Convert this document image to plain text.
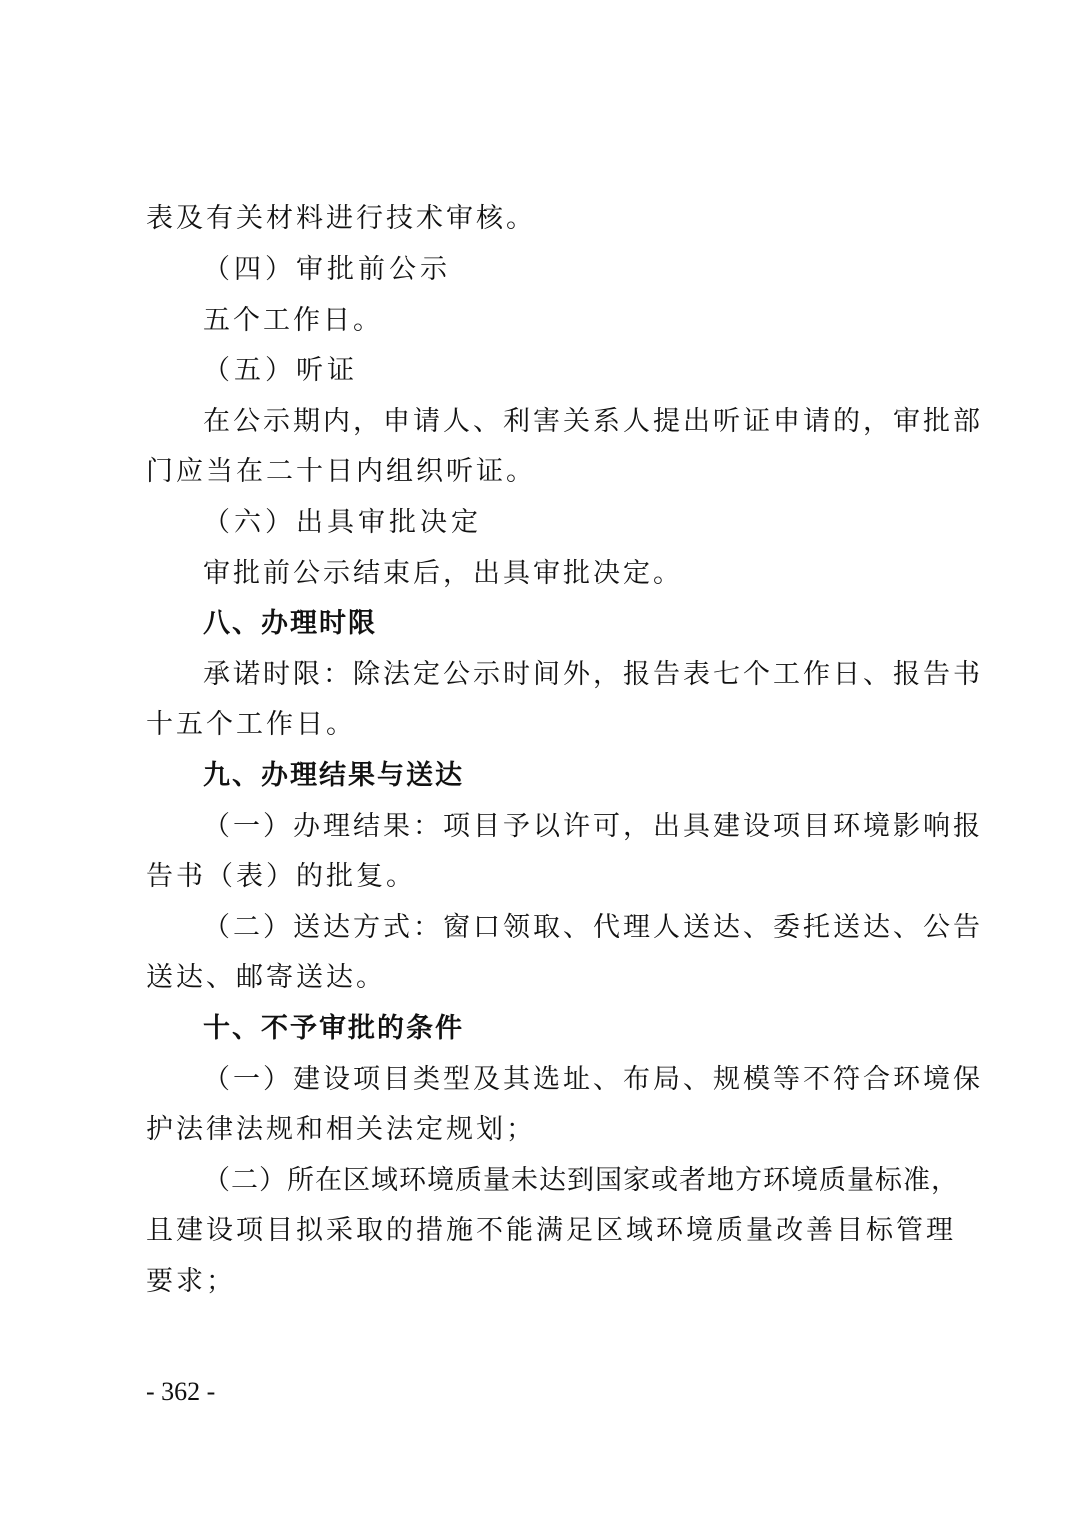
表及有关材料进行技术审核。

（四）审批前公示

五个工作日。

（五）听证

在公示期内，申请人、利害关系人提出听证申请的，审批部

门应当在二十日内组织听证。

（六）出具审批决定

审批前公示结束后，出具审批决定。

八、办理时限

承诺时限：除法定公示时间外，报告表七个工作日、报告书

十五个工作日。

九、办理结果与送达

（一）办理结果：项目予以许可，出具建设项目环境影响报

告书（表）的批复。

（二）送达方式：窗口领取、代理人送达、委托送达、公告

送达、邮寄送达。

十、不予审批的条件

（一）建设项目类型及其选址、布局、规模等不符合环境保

护法律法规和相关法定规划；

（二）所在区域环境质量未达到国家或者地方环境质量标准，

且建设项目拟采取的措施不能满足区域环境质量改善目标管理

要求；

- 362 -
